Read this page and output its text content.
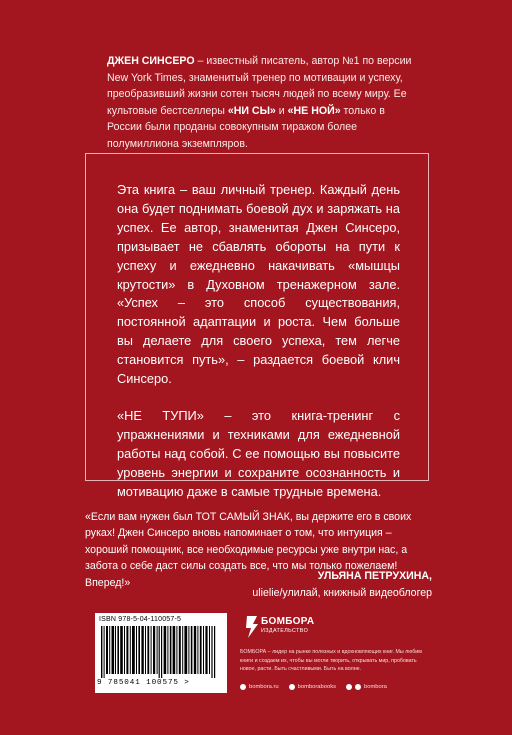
ДЖЕН СИНСЕРО – известный писатель, автор №1 по версии New York Times, знаменитый тренер по мотивации и успеху, преобразивший жизни сотен тысяч людей по всему миру. Ее культовые бестселлеры «НИ СЫ» и «НЕ НОЙ» только в России были проданы совокупным тиражом более полумиллиона экземпляров.

Эта книга – ваш личный тренер. Каждый день она будет поднимать боевой дух и заряжать на успех. Ее автор, знаменитая Джен Синсеро, призывает не сбавлять обороты на пути к успеху и ежедневно накачивать «мышцы крутости» в Духовном тренажерном зале. «Успех – это способ существования, постоянной адаптации и роста. Чем больше вы делаете для своего успеха, тем легче становится путь», – раздается боевой клич Синсеро.

«НЕ ТУПИ» – это книга-тренинг с упражнениями и техниками для ежедневной работы над собой. С ее помощью вы повысите уровень энергии и сохраните осознанность и мотивацию даже в самые трудные времена.

«Если вам нужен был ТОТ САМЫЙ ЗНАК, вы держите его в своих руках! Джен Синсеро вновь напоминает о том, что интуиция – хороший помощник, все необходимые ресурсы уже внутри нас, а забота о себе даст силы создать все, что мы только пожелаем! Вперед!»

УЛЬЯНА ПЕТРУХИНА,
ulielie/улилай, книжный видеоблогер
ISBN 978-5-04-110057-5
9 785041 100575 >
БОМБОРА
ИЗДАТЕЛЬСТВО
БОМБОРА – лидер на рынке полезных и вдохновляющих книг. Мы любим книги и создаем их, чтобы вы могли творить, открывать мир, пробовать новое, расти. Быть счастливыми. Быть на волне.
bombora.ru	bomborabooks	bombora
